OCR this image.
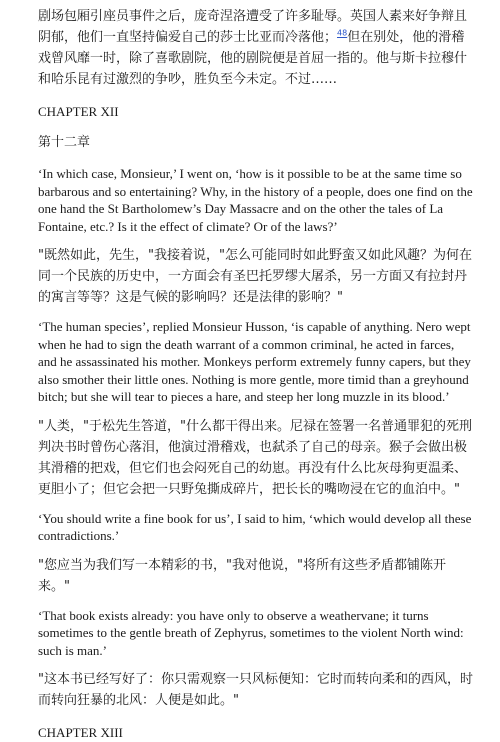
剧场包厢引座员事件之后，庞奇涅洛遭受了许多耻辱。英国人素来好争辩且阴郁，他们一直坚持偏爱自己的莎士比亚而冷落他；$^{48}$但在别处，他的滑稽戏曾风靡一时，除了喜歌剧院，他的剧院便是首屈一指的。他与斯卡拉穆什和哈乐昆有过激烈的争吵，胜负至今未定。不过……

CHAPTER XII

第十二章

‘In which case, Monsieur,’ I went on, ‘how is it possible to be at the same time so barbarous and so entertaining? Why, in the history of a people, does one find on the one hand the St Bartholomew’s Day Massacre and on the other the tales of La Fontaine, etc.? Is it the effect of climate? Or of the laws?’

"既然如此，先生，"我接着说，"怎么可能同时如此野蛮又如此风趣？为何在同一个民族的历史中，一方面会有圣巴托罗缪大屠杀，另一方面又有拉封丹的寓言等等？这是气候的影响吗？还是法律的影响？"

‘The human species’, replied Monsieur Husson, ‘is capable of anything. Nero wept when he had to sign the death warrant of a common criminal, he acted in farces, and he assassinated his mother. Monkeys perform extremely funny capers, but they also smother their little ones. Nothing is more gentle, more timid than a greyhound bitch; but she will tear to pieces a hare, and steep her long muzzle in its blood.’

"人类，"于松先生答道，"什么都干得出来。尼禄在签署一名普通罪犯的死刑判决书时曾伤心落泪，他演过滑稽戏，也弑杀了自己的母亲。猴子会做出极其滑稽的把戏，但它们也会闷死自己的幼崽。再没有什么比灰母狗更温柔、更胆小了；但它会把一只野兔撕成碎片，把长长的嘴吻浸在它的血泊中。"

‘You should write a fine book for us’, I said to him, ‘which would develop all these contradictions.’

"您应当为我们写一本精彩的书，"我对他说，"将所有这些矛盾都铺陈开来。"

‘That book exists already: you have only to observe a weathervane; it turns sometimes to the gentle breath of Zephyrus, sometimes to the violent North wind: such is man.’

"这本书已经写好了：你只需观察一只风标便知：它时而转向柔和的西风，时而转向狂暴的北风：人便是如此。"

CHAPTER XIII
